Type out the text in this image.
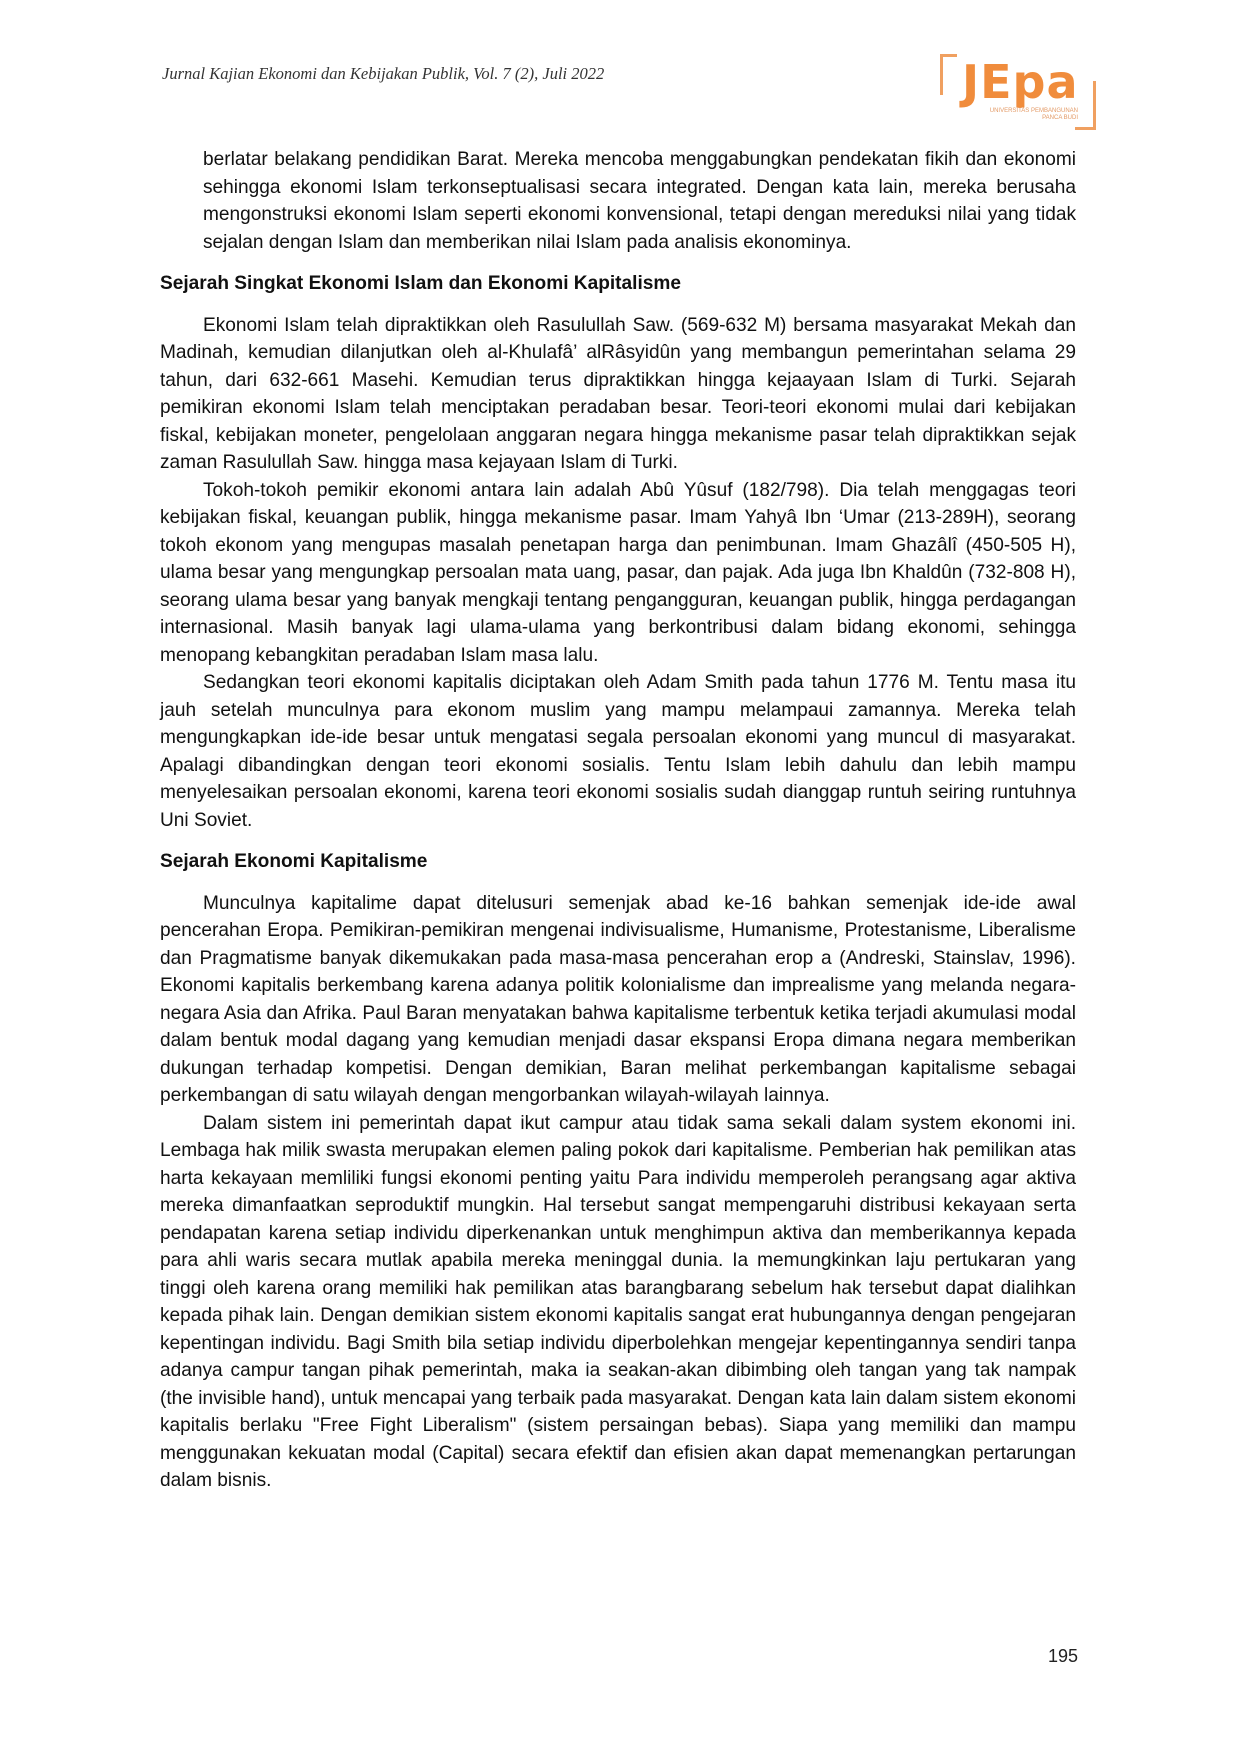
Jurnal Kajian Ekonomi dan Kebijakan Publik, Vol. 7 (2), Juli 2022	JEpa
UNIVERSITAS PEMBANGUNAN PANCA BUDI

berlatar belakang pendidikan Barat. Mereka mencoba menggabungkan pendekatan fikih dan ekonomi sehingga ekonomi Islam terkonseptualisasi secara integrated. Dengan kata lain, mereka berusaha mengonstruksi ekonomi Islam seperti ekonomi konvensional, tetapi dengan mereduksi nilai yang tidak sejalan dengan Islam dan memberikan nilai Islam pada analisis ekonominya.

Sejarah Singkat Ekonomi Islam dan Ekonomi Kapitalisme

Ekonomi Islam telah dipraktikkan oleh Rasulullah Saw. (569-632 M) bersama masyarakat Mekah dan Madinah, kemudian dilanjutkan oleh al-Khulafâ’ alRâsyidûn yang membangun pemerintahan selama 29 tahun, dari 632-661 Masehi. Kemudian terus dipraktikkan hingga kejaayaan Islam di Turki. Sejarah pemikiran ekonomi Islam telah menciptakan peradaban besar. Teori-teori ekonomi mulai dari kebijakan fiskal, kebijakan moneter, pengelolaan anggaran negara hingga mekanisme pasar telah dipraktikkan sejak zaman Rasulullah Saw. hingga masa kejayaan Islam di Turki.

Tokoh-tokoh pemikir ekonomi antara lain adalah Abû Yûsuf (182/798). Dia telah menggagas teori kebijakan fiskal, keuangan publik, hingga mekanisme pasar. Imam Yahyâ Ibn ‘Umar (213-289H), seorang tokoh ekonom yang mengupas masalah penetapan harga dan penimbunan. Imam Ghazâlî (450-505 H), ulama besar yang mengungkap persoalan mata uang, pasar, dan pajak. Ada juga Ibn Khaldûn (732-808 H), seorang ulama besar yang banyak mengkaji tentang pengangguran, keuangan publik, hingga perdagangan internasional. Masih banyak lagi ulama-ulama yang berkontribusi dalam bidang ekonomi, sehingga menopang kebangkitan peradaban Islam masa lalu.

Sedangkan teori ekonomi kapitalis diciptakan oleh Adam Smith pada tahun 1776 M. Tentu masa itu jauh setelah munculnya para ekonom muslim yang mampu melampaui zamannya. Mereka telah mengungkapkan ide-ide besar untuk mengatasi segala persoalan ekonomi yang muncul di masyarakat. Apalagi dibandingkan dengan teori ekonomi sosialis. Tentu Islam lebih dahulu dan lebih mampu menyelesaikan persoalan ekonomi, karena teori ekonomi sosialis sudah dianggap runtuh seiring runtuhnya Uni Soviet.

Sejarah Ekonomi Kapitalisme

Munculnya kapitalime dapat ditelusuri semenjak abad ke-16 bahkan semenjak ide-ide awal pencerahan Eropa. Pemikiran-pemikiran mengenai indivisualisme, Humanisme, Protestanisme, Liberalisme dan Pragmatisme banyak dikemukakan pada masa-masa pencerahan erop a (Andreski, Stainslav, 1996). Ekonomi kapitalis berkembang karena adanya politik kolonialisme dan imprealisme yang melanda negara-negara Asia dan Afrika. Paul Baran menyatakan bahwa kapitalisme terbentuk ketika terjadi akumulasi modal dalam bentuk modal dagang yang kemudian menjadi dasar ekspansi Eropa dimana negara memberikan dukungan terhadap kompetisi. Dengan demikian, Baran melihat perkembangan kapitalisme sebagai perkembangan di satu wilayah dengan mengorbankan wilayah-wilayah lainnya.

Dalam sistem ini pemerintah dapat ikut campur atau tidak sama sekali dalam system ekonomi ini. Lembaga hak milik swasta merupakan elemen paling pokok dari kapitalisme. Pemberian hak pemilikan atas harta kekayaan memliliki fungsi ekonomi penting yaitu Para individu memperoleh perangsang agar aktiva mereka dimanfaatkan seproduktif mungkin. Hal tersebut sangat mempengaruhi distribusi kekayaan serta pendapatan karena setiap individu diperkenankan untuk menghimpun aktiva dan memberikannya kepada para ahli waris secara mutlak apabila mereka meninggal dunia. Ia memungkinkan laju pertukaran yang tinggi oleh karena orang memiliki hak pemilikan atas barangbarang sebelum hak tersebut dapat dialihkan kepada pihak lain. Dengan demikian sistem ekonomi kapitalis sangat erat hubungannya dengan pengejaran kepentingan individu. Bagi Smith bila setiap individu diperbolehkan mengejar kepentingannya sendiri tanpa adanya campur tangan pihak pemerintah, maka ia seakan-akan dibimbing oleh tangan yang tak nampak (the invisible hand), untuk mencapai yang terbaik pada masyarakat. Dengan kata lain dalam sistem ekonomi kapitalis berlaku "Free Fight Liberalism" (sistem persaingan bebas). Siapa yang memiliki dan mampu menggunakan kekuatan modal (Capital) secara efektif dan efisien akan dapat memenangkan pertarungan dalam bisnis.

195
